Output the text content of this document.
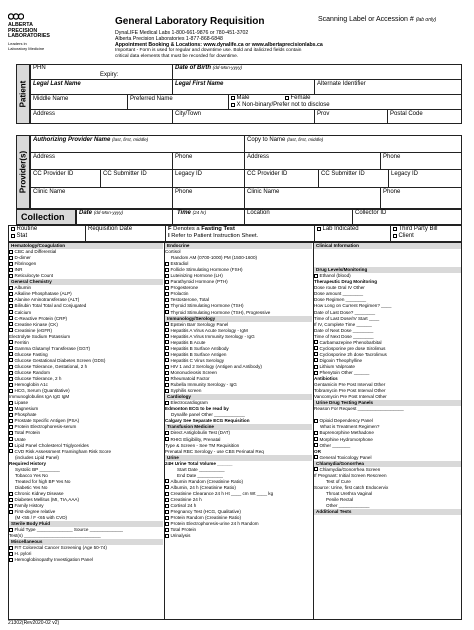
ALBERTA
PRECISION
LABORATORIES
Leaders in
Laboratory Medicine
General Laboratory Requisition
DynaLIFE Medical Labs 1-800-661-9876 or 780-451-3702
Alberta Precision Laboratories 1-877-868-6848
Appointment Booking & Locations: www.dynalife.ca or www.albertaprecisionlabs.ca
Important - Form is used for regular and downtime use. Bold and italicized fields contain
critical data elements that must be recorded for downtime.
Scanning Label or Accession # (lab only)
Patient
PHN
Expiry:
Date of Birth (dd-Mon-yyyy)
Legal Last Name	Legal First Name	Alternate Identifier
Middle Name	Preferred Name	Male	Female
X Non-binary/Prefer not to disclose
Address	City/Town	Prov	Postal Code
Provider(s)
Authorizing Provider Name (last, first, middle)	Copy to Name (last, first, middle)
Address	Phone	Address	Phone
CC Provider ID	CC Submitter ID	Legacy ID	CC Provider ID	CC Submitter ID	Legacy ID
Clinic Name	Phone	Clinic Name	Phone
Collection Date (dd-Mon-yyyy)	Time (24 hr)	Location	Collector ID
Routine
Stat
Requisition Date	F Denotes a Fasting Test
I Refer to Patient Instruction Sheet.
Lab Indicated	Third Party Bill
Client
Hematology/Coagulation
CBC and Differential
D-dimer
Fibrinogen
INR
Reticulocyte Count
General Chemistry
Albumin
Alkaline Phosphatase (ALP)
Alanine Aminotransferase (ALT)
Bilirubin Total Total and Conjugated
Calcium
C-Reactive Protein (CRP)
Creatine Kinase (CK)
Creatinine (eGFR)
Electrolyte Sodium Potassium
Ferritin
Gamma Glutamyl Transferase (GGT)
Glucose Fasting
Glucose Gestational Diabetes Screen (GDS)
Glucose Tolerance, Gestational, 2 h
Glucose Random
Glucose Tolerance, 2 h
Hemoglobin A1c
HCG, Serum (Quantitative)
Immunoglobulins IgA IgG IgM
Lipase
Magnesium
Phosphate
Prostate Specific Antigen (PSA)
Protein Electrophoresis-serum
Total Protein
Urate
Lipid Panel Cholesterol Triglycerides
CVD Risk Assessment Framingham Risk Score
(includes Lipid Panel)
Required History
Systolic BP ________
Tobacco Yes No
Treated for high BP Yes No
Diabetic Yes No
Chronic Kidney Disease
Diabetes Mellitus (MI, TIA,AAA)
Family History
First-degree relative
(M <55 / F <65 with CVD)
Sterile Body Fluid
Fluid Type ______________ Source _____________
Test(s) ______________________________
Miscellaneous
FIT Colorectal Cancer Screening (Age 50-74)
H. pylori
Hemoglobinopathy Investigation Panel
Endocrine
Cortisol
Random AM (0700-1000) PM (1500-1600)
Estradiol
Follicle Stimulating Hormone (FSH)
Luteinizing Hormone (LH)
Parathyroid Hormone (PTH)
Progesterone
Prolactin
Testosterone, Total
Thyroid Stimulating Hormone (TSH)
Thyroid Stimulating Hormone (TSH), Progressive
Immunology/Serology
Epstein Barr Serology Panel
Hepatitis A Virus Acute Serology - IgM
Hepatitis A Virus Immunity Serology - IgG
Hepatitis B Acute
Hepatitis B Surface Antibody
Hepatitis B Surface Antigen
Hepatitis C Virus Serology
HIV 1 and 2 Serology (Antigen and Antibody)
Mononucleosis Screen
Rheumatoid Factor
Rubella Immunity Serology - IgG
Syphilis screen
Cardiology
Electrocardiogram
Edmonton ECG to be read by
Dynalife panel Other ____________
Calgary See Separate ECG Requisition
Transfusion Medicine
Direct Antiglobulin Test (DAT)
RHIG Eligibility, Prenatal
Type & Screen - See TM Requisition
Prenatal RBC Serology - use CBS Perinatal Req
Urine
24H Urine Total Volume ______
Start Date __________
End Date __________
Albumin Random (Creatinine Ratio)
Albumin, 24 h (Creatinine Ratio)
Creatinine Clearance 24 h Ht ____ cm Wt ____ kg
Creatinine 24 h
Cortisol 24 h
Pregnancy Test (HCG, Qualitative)
Protein Random (Creatinine Ratio)
Protein Electrophoresis-urine 24 h Random
Total Protein
Urinalysis
Clinical Information
Drug Levels/Monitoring
Ethanol (blood)
Therapeutic Drug Monitoring
Dose route Oral IV Other
Dose amount ________
Dose Regimen ________
How Long on Current Regimen? ____
Date of Last Dose? ________
Time of Last Dose/IV Start ____
If IV, Complete Time ______
Date of Next Dose ________
Time of Next Dose ________
Carbamazepine Phenobarbital
Cyclosporine pre dose Sirolimus
Cyclosporine 2h dose Tacrolimus
Digoxin Theophylline
Lithium Valproate
Phenytoin Other ______
Antibiotics
Gentamicin Pre Post Interval Other
Tobramycin Pre Post Interval Other
Vancomycin Pre Post Interval Other
Urine Drug Testing Panels
Reason For Request __________________
Opioid Dependency Panel
What is Treatment Regimen?
Buprenorphine Methadone
Morphine Hydromorphone
Other _______
OR
General Toxicology Panel
Chlamydia/Gonorrhea
Chlamydia/Gonorrhea Screen
If Pregnant: Initial Screen Rescreen
Test of Cure
Source: Urine, first catch Endocervix
Throat Urethra Vaginal
Penile Rectal
Other ____________
Additional Tests
21302(Rev2020-02 v2)
